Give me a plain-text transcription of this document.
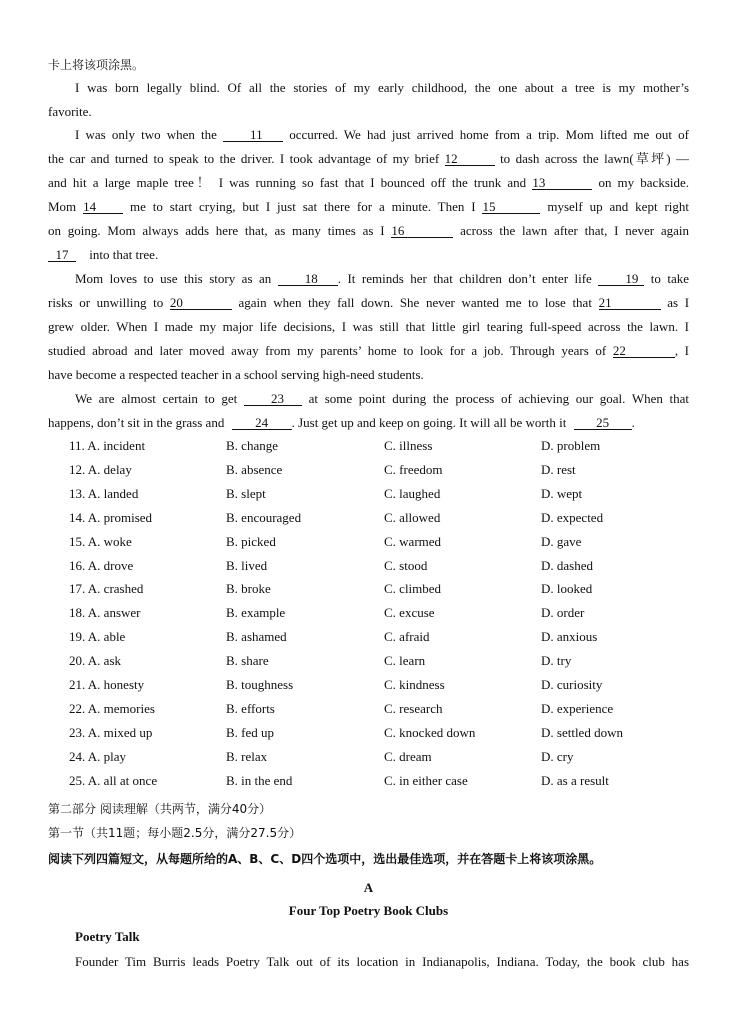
卡上将该项涂黑。
I was born legally blind. Of all the stories of my early childhood, the one about a tree is my mother’s
favorite.
I was only two when the	11 occurred. We had just arrived home from a trip. Mom lifted me out of
the car and turned to speak to the driver. I took advantage of my brief 12	to dash across the lawn(草坪) —
and hit a large maple tree！ I was running so fast that I bounced off the trunk and 13	on my backside.
Mom 14	me to start crying, but I just sat there for a minute. Then I 15	myself up and kept right
on going. Mom always adds here that, as many times as I 16	across the lawn after that, I never again
17 into that tree.
Mom loves to use this story as an	18 . It reminds her that children don’t enter life	19 to take
risks or unwilling to 20	again when they fall down. She never wanted me to lose that 21	as I
grew older. When I made my major life decisions, I was still that little girl tearing full-speed across the lawn. I
studied abroad and later moved away from my parents’ home to look for a job. Through years of 22	, I
have become a respected teacher in a school serving high-need students.
We are almost certain to get	23 at some point during the process of achieving our goal. When that
happens, don’t sit in the grass and 24 . Just get up and keep on going. It will all be worth it 25 .
11. A. incident	B. change	C. illness	D. problem
12. A. delay	B. absence	C. freedom	D. rest
13. A. landed	B. slept	C. laughed	D. wept
14. A. promised	B. encouraged	C. allowed	D. expected
15. A. woke	B. picked	C. warmed	D. gave
16. A. drove	B. lived	C. stood	D. dashed
17. A. crashed	B. broke	C. climbed	D. looked
18. A. answer	B. example	C. excuse	D. order
19. A. able	B. ashamed	C. afraid	D. anxious
20. A. ask	B. share	C. learn	D. try
21. A. honesty	B. toughness	C. kindness	D. curiosity
22. A. memories	B. efforts	C. research	D. experience
23. A. mixed up	B. fed up	C. knocked down	D. settled down
24. A. play	B. relax	C. dream	D. cry
25. A. all at once	B. in the end	C. in either case	D. as a result
第二部分 阅读理解（共两节，满分40分）
第一节（共11题；每小题2.5分，满分27.5分）
阅读下列四篇短文，从每题所给的A、B、C、D四个选项中，选出最佳选项，并在答题卡上将该项涂黑。
A
Four Top Poetry Book Clubs
Poetry Talk
Founder Tim Burris leads Poetry Talk out of its location in Indianapolis, Indiana. Today, the book club has
